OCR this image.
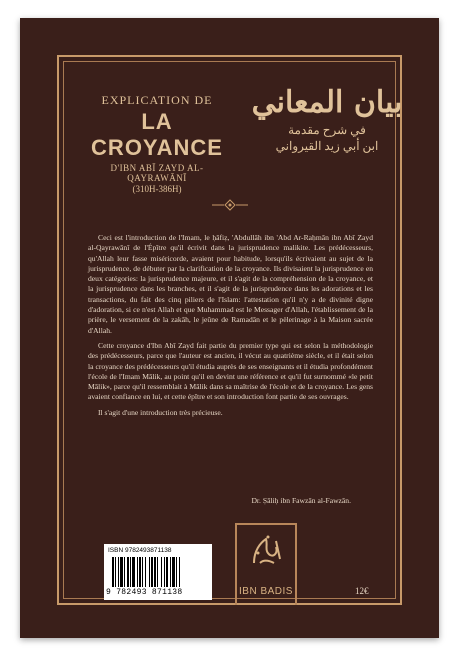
EXPLICATION DE
LA CROYANCE
D'IBN ABĪ ZAYD AL-QAYRAWĀNĪ
(310H-386H)
بيان المعاني
في شرح مقدمة
ابن أبي زيد القيرواني

Ceci est l'introduction de l'Imam, le ḥāfiẓ, 'Abdullāh ibn 'Abd Ar-Raḥmān ibn Abī Zayd al-Qayrawānī de l'Épître qu'il écrivit dans la jurisprudence malikite. Les prédécesseurs, qu'Allah leur fasse miséricorde, avaient pour habitude, lorsqu'ils écrivaient au sujet de la jurisprudence, de débuter par la clarification de la croyance. Ils divisaient la jurisprudence en deux catégories: la jurisprudence majeure, et il s'agit de la compréhension de la croyance, et la jurisprudence dans les branches, et il s'agit de la jurisprudence dans les adorations et les transactions, du fait des cinq piliers de l'Islam: l'attestation qu'il n'y a de divinité digne d'adoration, si ce n'est Allah et que Muhammad est le Messager d'Allah, l'établissement de la prière, le versement de la zakāh, le jeûne de Ramadān et le pèlerinage à la Maison sacrée d'Allah.

Cette croyance d'Ibn Abī Zayd fait partie du premier type qui est selon la méthodologie des prédécesseurs, parce que l'auteur est ancien, il vécut au quatrième siècle, et il était selon la croyance des prédécesseurs qu'il étudia auprès de ses enseignants et il étudia profondément l'école de l'Imam Mālik, au point qu'il en devint une référence et qu'il fut surnommé «le petit Mālik», parce qu'il ressemblait à Mālik dans sa maîtrise de l'école et de la croyance. Les gens avaient confiance en lui, et cette épître et son introduction font partie de ses ouvrages.

Il s'agit d'une introduction très précieuse.

Dr. Ṣāliḥ ibn Fawzān al-Fawzān.
ISBN 9782493871138
9 782493 871138	IBN BADIS	12€
